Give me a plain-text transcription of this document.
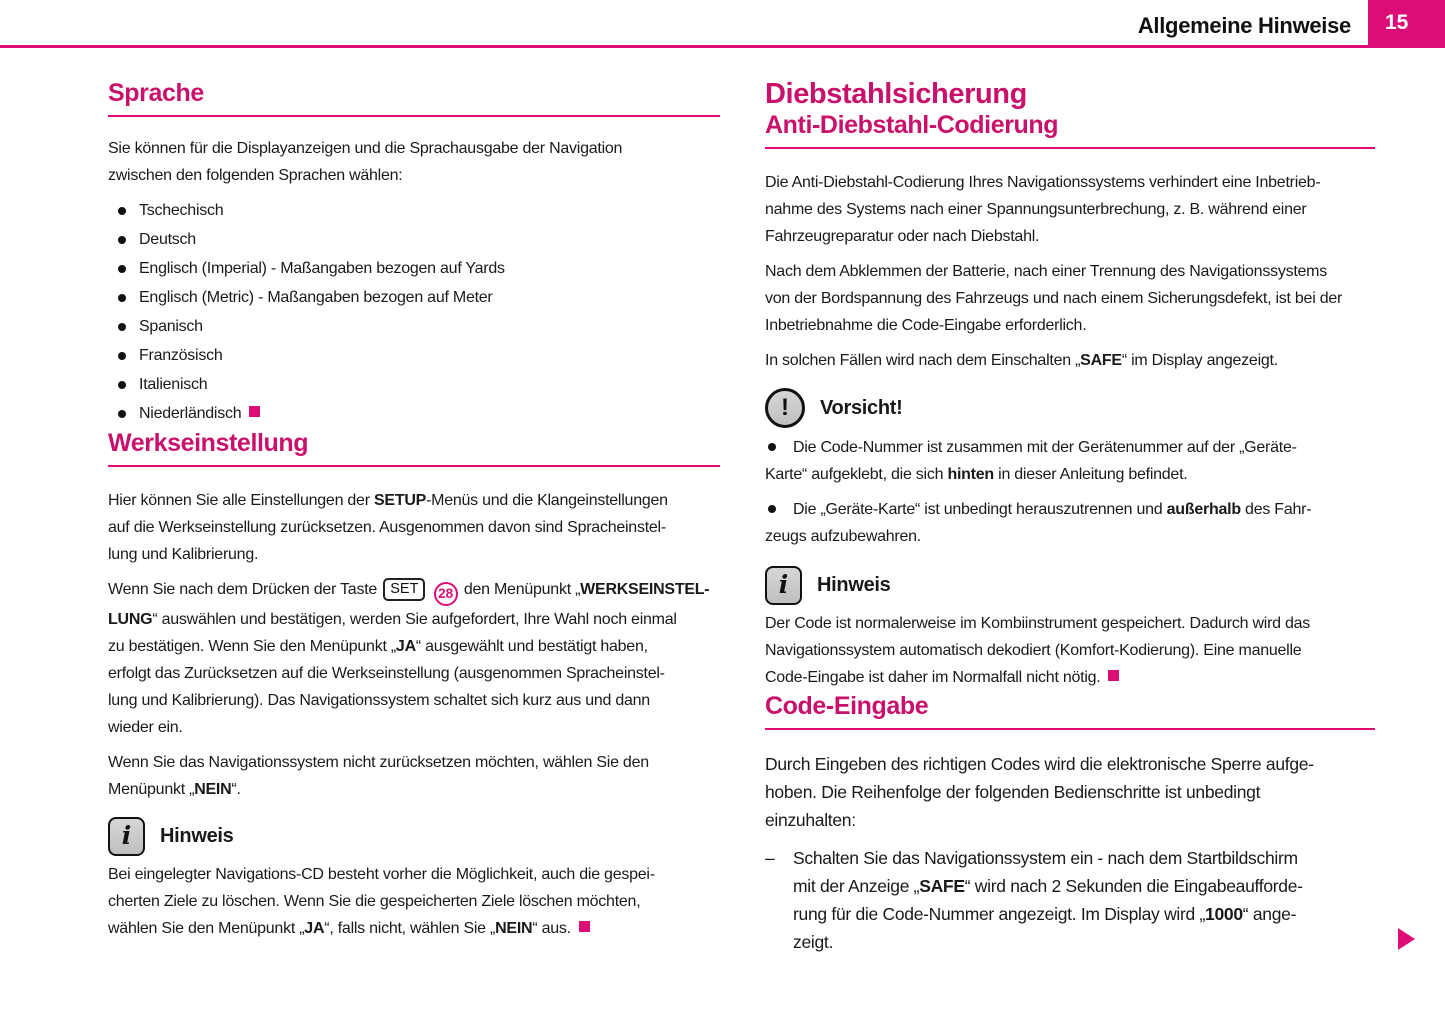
Allgemeine Hinweise 15
Sprache

Sie können für die Displayanzeigen und die Sprachausgabe der Navigation
zwischen den folgenden Sprachen wählen:

Tschechisch
Deutsch
Englisch (Imperial) - Maßangaben bezogen auf Yards
Englisch (Metric) - Maßangaben bezogen auf Meter
Spanisch
Französisch
Italienisch
Niederländisch
Werkseinstellung

Hier können Sie alle Einstellungen der SETUP-Menüs und die Klangeinstellungen
auf die Werkseinstellung zurücksetzen. Ausgenommen davon sind Spracheinstel-
lung und Kalibrierung.

Wenn Sie nach dem Drücken der Taste SET 28 den Menüpunkt „WERKSEINSTEL-
LUNG“ auswählen und bestätigen, werden Sie aufgefordert, Ihre Wahl noch einmal
zu bestätigen. Wenn Sie den Menüpunkt „JA“ ausgewählt und bestätigt haben,
erfolgt das Zurücksetzen auf die Werkseinstellung (ausgenommen Spracheinstel-
lung und Kalibrierung). Das Navigationssystem schaltet sich kurz aus und dann
wieder ein.

Wenn Sie das Navigationssystem nicht zurücksetzen möchten, wählen Sie den
Menüpunkt „NEIN“.

i	Hinweis

Bei eingelegter Navigations-CD besteht vorher die Möglichkeit, auch die gespei-
cherten Ziele zu löschen. Wenn Sie die gespeicherten Ziele löschen möchten,
wählen Sie den Menüpunkt „JA“, falls nicht, wählen Sie „NEIN“ aus.

Diebstahlsicherung
Anti-Diebstahl-Codierung

Die Anti-Diebstahl-Codierung Ihres Navigationssystems verhindert eine Inbetrieb-
nahme des Systems nach einer Spannungsunterbrechung, z. B. während einer
Fahrzeugreparatur oder nach Diebstahl.

Nach dem Abklemmen der Batterie, nach einer Trennung des Navigationssystems
von der Bordspannung des Fahrzeugs und nach einem Sicherungsdefekt, ist bei der
Inbetriebnahme die Code-Eingabe erforderlich.

In solchen Fällen wird nach dem Einschalten „SAFE“ im Display angezeigt.

!	Vorsicht!

Die Code-Nummer ist zusammen mit der Gerätenummer auf der „Geräte-
Karte“ aufgeklebt, die sich hinten in dieser Anleitung befindet.

Die „Geräte-Karte“ ist unbedingt herauszutrennen und außerhalb des Fahr-
zeugs aufzubewahren.

i	Hinweis

Der Code ist normalerweise im Kombiinstrument gespeichert. Dadurch wird das
Navigationssystem automatisch dekodiert (Komfort-Kodierung). Eine manuelle
Code-Eingabe ist daher im Normalfall nicht nötig.

Code-Eingabe

Durch Eingeben des richtigen Codes wird die elektronische Sperre aufge-
hoben. Die Reihenfolge der folgenden Bedienschritte ist unbedingt
einzuhalten:

– Schalten Sie das Navigationssystem ein - nach dem Startbildschirm
mit der Anzeige „SAFE“ wird nach 2 Sekunden die Eingabeaufforde-
rung für die Code-Nummer angezeigt. Im Display wird „1000“ ange-
zeigt.
